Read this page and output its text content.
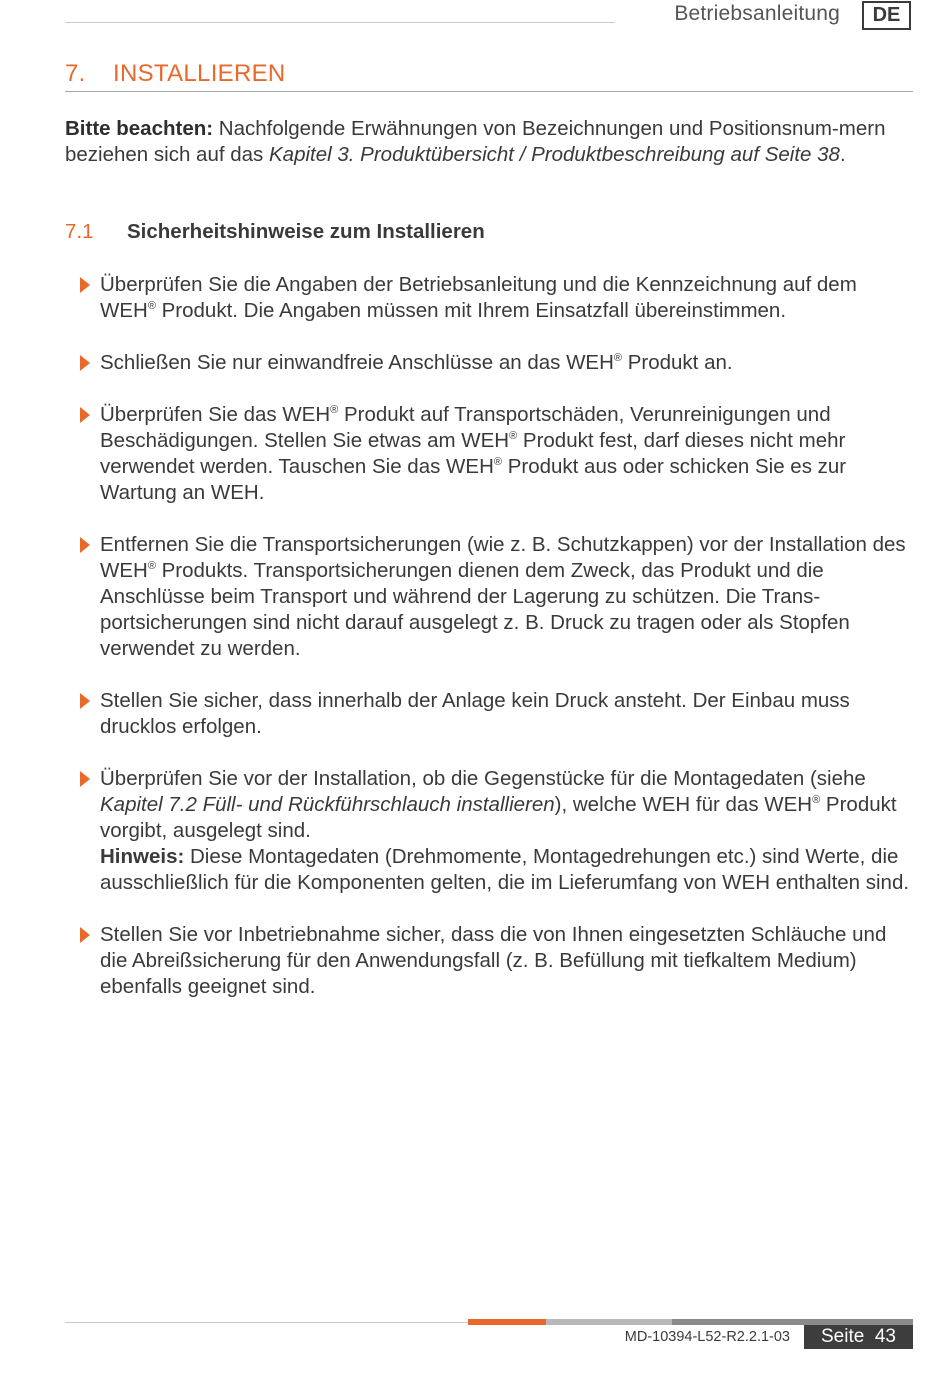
Betriebsanleitung	DE
7. INSTALLIEREN
Bitte beachten: Nachfolgende Erwähnungen von Bezeichnungen und Positionsnum-mern beziehen sich auf das Kapitel 3. Produktübersicht / Produktbeschreibung auf Seite 38.
7.1 Sicherheitshinweise zum Installieren
Überprüfen Sie die Angaben der Betriebsanleitung und die Kennzeichnung auf dem WEH® Produkt. Die Angaben müssen mit Ihrem Einsatzfall übereinstimmen.
Schließen Sie nur einwandfreie Anschlüsse an das WEH® Produkt an.
Überprüfen Sie das WEH® Produkt auf Transportschäden, Verunreinigungen und Beschädigungen. Stellen Sie etwas am WEH® Produkt fest, darf dieses nicht mehr verwendet werden. Tauschen Sie das WEH® Produkt aus oder schicken Sie es zur Wartung an WEH.
Entfernen Sie die Transportsicherungen (wie z. B. Schutzkappen) vor der Installation des WEH® Produkts. Transportsicherungen dienen dem Zweck, das Produkt und die Anschlüsse beim Transport und während der Lagerung zu schützen. Die Trans-portsicherungen sind nicht darauf ausgelegt z. B. Druck zu tragen oder als Stopfen verwendet zu werden.
Stellen Sie sicher, dass innerhalb der Anlage kein Druck ansteht. Der Einbau muss drucklos erfolgen.
Überprüfen Sie vor der Installation, ob die Gegenstücke für die Montagedaten (siehe Kapitel 7.2 Füll- und Rückführschlauch installieren), welche WEH für das WEH® Produkt vorgibt, ausgelegt sind.
Hinweis: Diese Montagedaten (Drehmomente, Montagedrehungen etc.) sind Werte, die ausschließlich für die Komponenten gelten, die im Lieferumfang von WEH enthalten sind.
Stellen Sie vor Inbetriebnahme sicher, dass die von Ihnen eingesetzten Schläuche und die Abreißsicherung für den Anwendungsfall (z. B. Befüllung mit tiefkaltem Medium) ebenfalls geeignet sind.
MD-10394-L52-R2.2.1-03	Seite 43
